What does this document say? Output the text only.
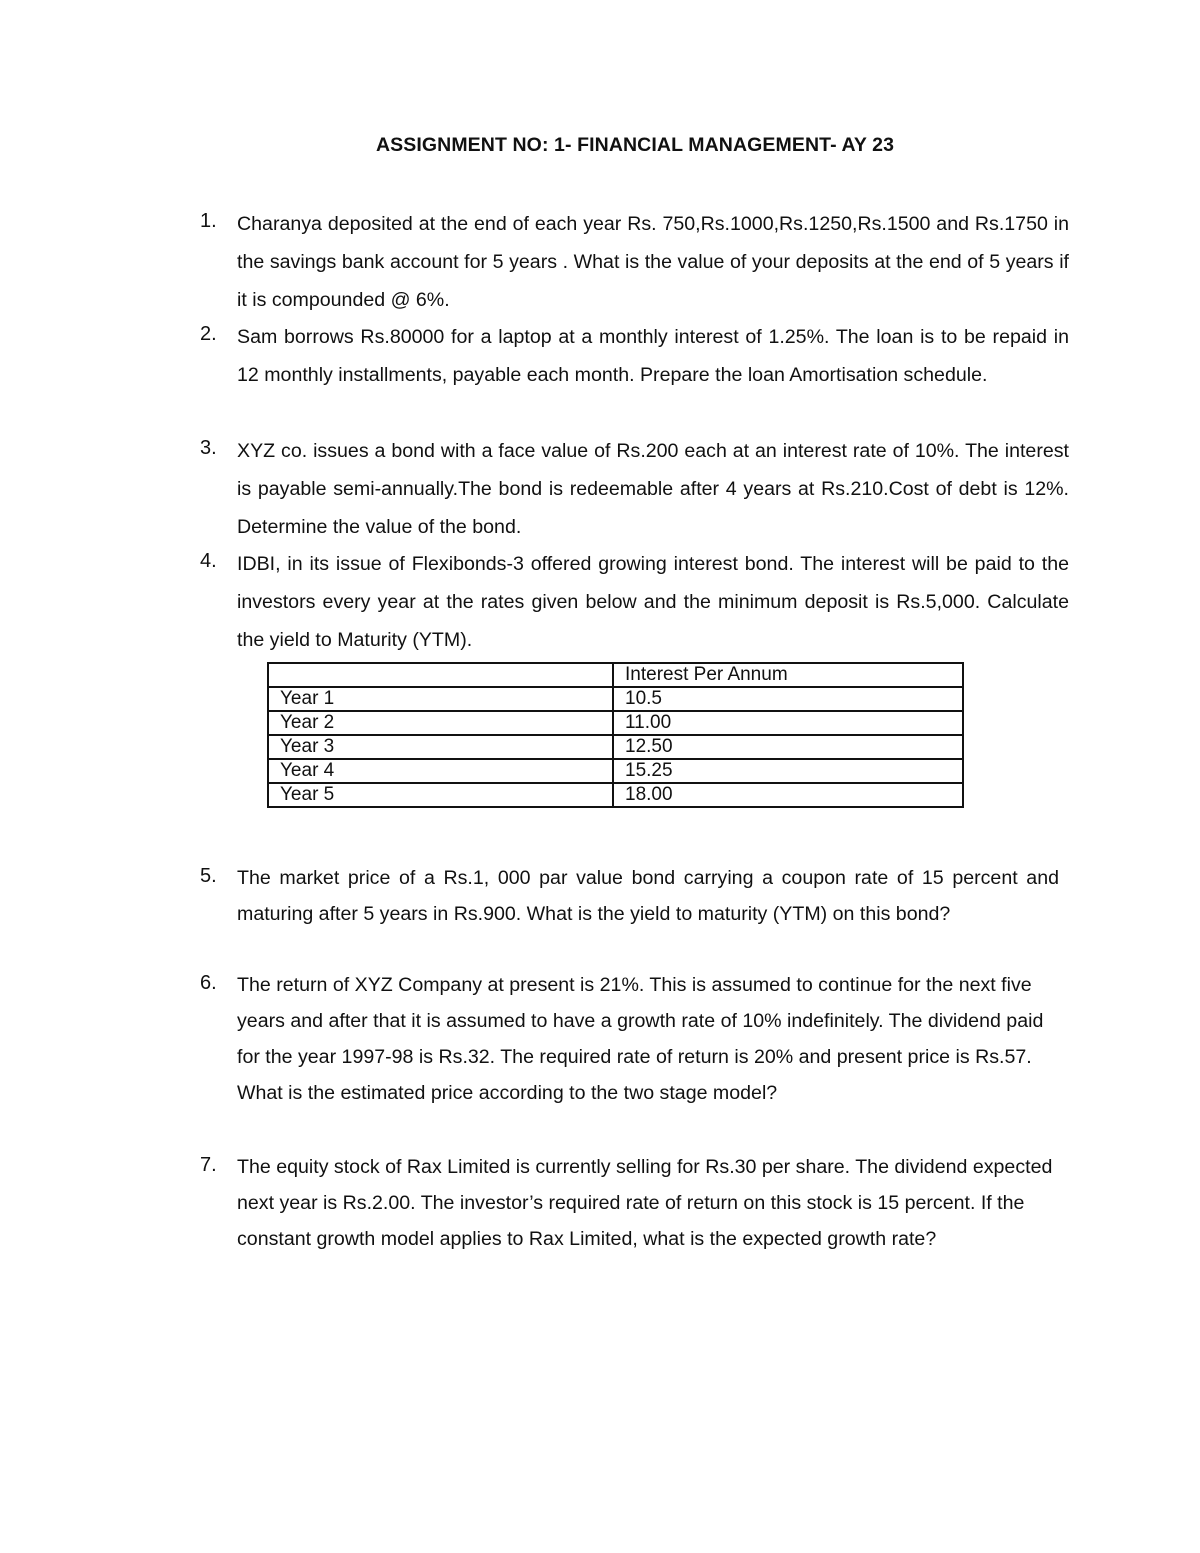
ASSIGNMENT NO: 1- FINANCIAL MANAGEMENT- AY 23
1.	Charanya deposited at the end of each year Rs. 750,Rs.1000,Rs.1250,Rs.1500 and Rs.1750 in the savings bank account for 5 years . What is the value of your deposits at the end of 5 years if it is compounded @ 6%.
2.	Sam borrows Rs.80000 for a laptop at a monthly interest of 1.25%. The loan is to be repaid in 12 monthly installments, payable each month. Prepare the loan Amortisation schedule.
3.	XYZ co. issues a bond with a face value of Rs.200 each at an interest rate of 10%. The interest is payable semi-annually.The bond is redeemable after 4 years at Rs.210.Cost of debt is 12%. Determine the value of the bond.
4.	IDBI, in its issue of Flexibonds-3 offered growing interest bond. The interest will be paid to the investors every year at the rates given below and the minimum deposit is Rs.5,000. Calculate the yield to Maturity (YTM).
	Interest Per Annum
Year 1	10.5
Year 2	11.00
Year 3	12.50
Year 4	15.25
Year 5	18.00
5.	The market price of a Rs.1, 000 par value bond carrying a coupon rate of 15 percent and maturing after 5 years in Rs.900. What is the yield to maturity (YTM) on this bond?
6.	The return of XYZ Company at present is 21%. This is assumed to continue for the next five years and after that it is assumed to have a growth rate of 10% indefinitely. The dividend paid for the year 1997-98 is Rs.32. The required rate of return is 20% and present price is Rs.57. What is the estimated price according to the two stage model?
7.	The equity stock of Rax Limited is currently selling for Rs.30 per share. The dividend expected next year is Rs.2.00. The investor’s required rate of return on this stock is 15 percent. If the constant growth model applies to Rax Limited, what is the expected growth rate?
